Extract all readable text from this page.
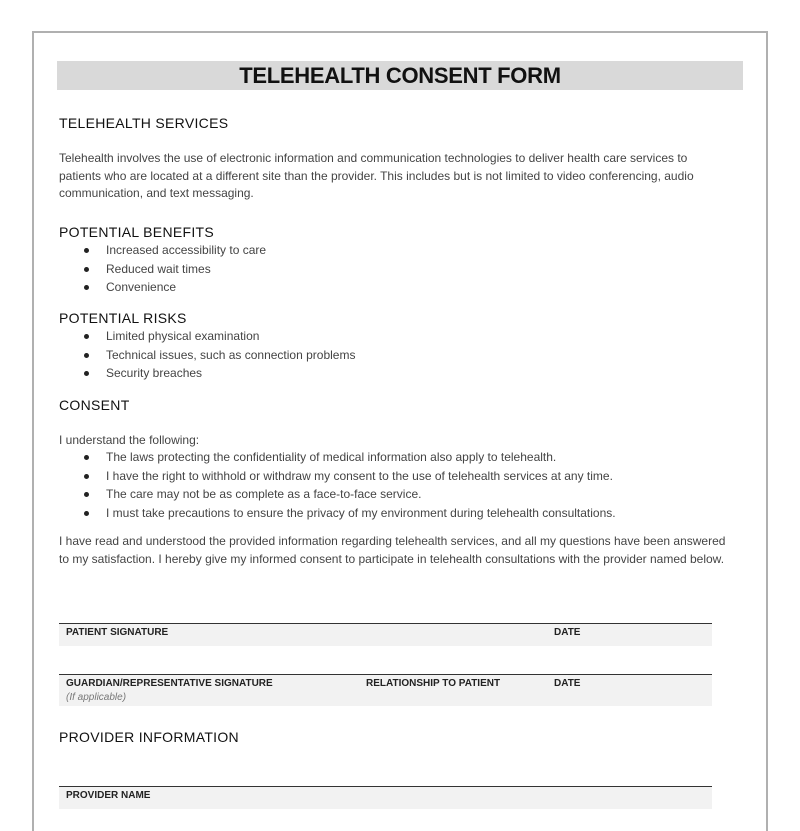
TELEHEALTH CONSENT FORM
TELEHEALTH SERVICES
Telehealth involves the use of electronic information and communication technologies to deliver health care services to patients who are located at a different site than the provider. This includes but is not limited to video conferencing, audio communication, and text messaging.
POTENTIAL BENEFITS
Increased accessibility to care
Reduced wait times
Convenience
POTENTIAL RISKS
Limited physical examination
Technical issues, such as connection problems
Security breaches
CONSENT
I understand the following:
The laws protecting the confidentiality of medical information also apply to telehealth.
I have the right to withhold or withdraw my consent to the use of telehealth services at any time.
The care may not be as complete as a face-to-face service.
I must take precautions to ensure the privacy of my environment during telehealth consultations.
I have read and understood the provided information regarding telehealth services, and all my questions have been answered to my satisfaction. I hereby give my informed consent to participate in telehealth consultations with the provider named below.
PATIENT SIGNATURE	DATE
GUARDIAN/REPRESENTATIVE SIGNATURE
(If applicable)
RELATIONSHIP TO PATIENT	DATE
PROVIDER INFORMATION
PROVIDER NAME
